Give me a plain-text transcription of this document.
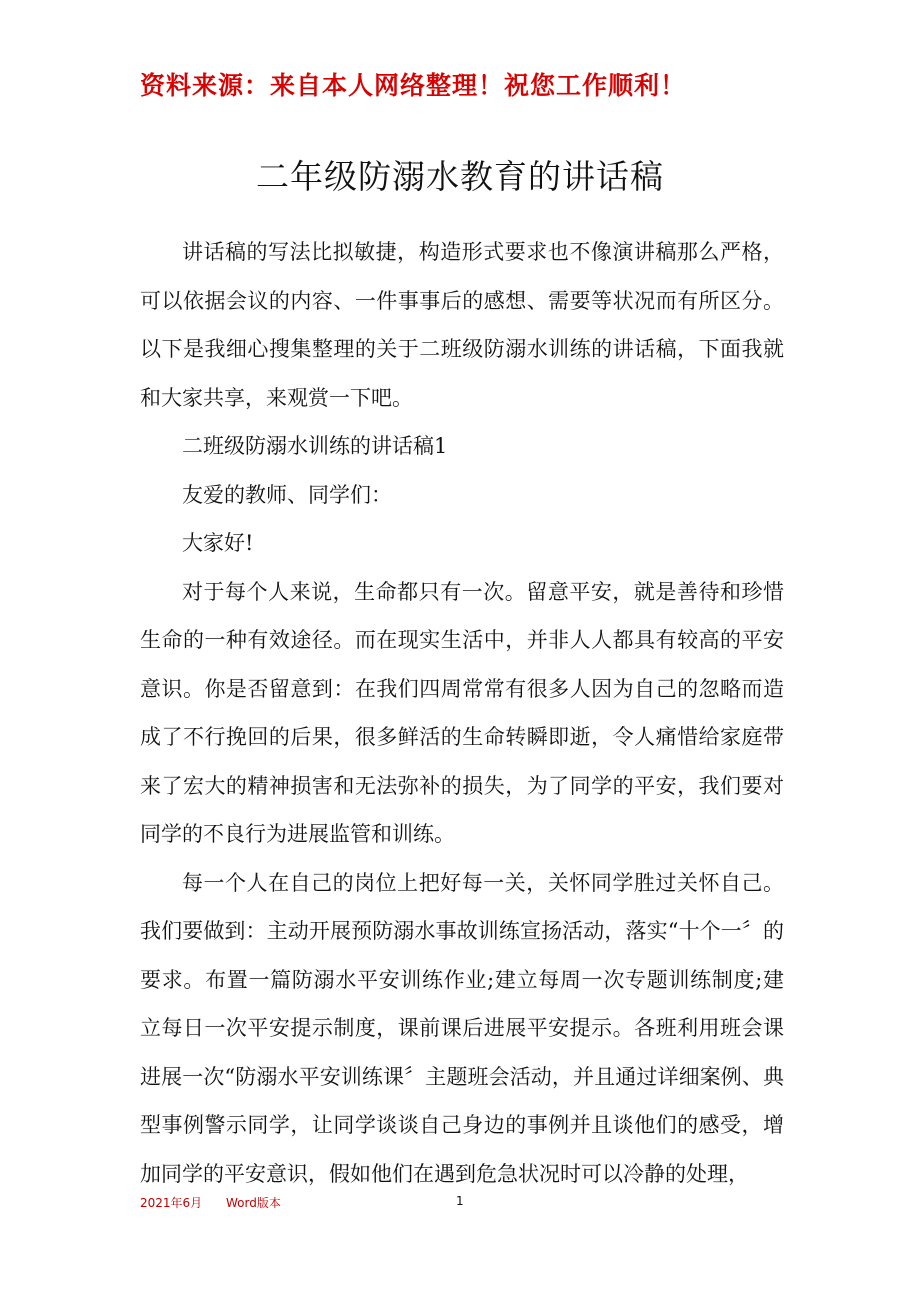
资料来源：来自本人网络整理！祝您工作顺利！
二年级防溺水教育的讲话稿

讲话稿的写法比拟敏捷，构造形式要求也不像演讲稿那么严格，可以依据会议的内容、一件事事后的感想、需要等状况而有所区分。以下是我细心搜集整理的关于二班级防溺水训练的讲话稿，下面我就和大家共享，来观赏一下吧。

二班级防溺水训练的讲话稿1

友爱的教师、同学们：

大家好!

对于每个人来说，生命都只有一次。留意平安，就是善待和珍惜生命的一种有效途径。而在现实生活中，并非人人都具有较高的平安意识。你是否留意到：在我们四周常常有很多人因为自己的忽略而造成了不行挽回的后果，很多鲜活的生命转瞬即逝，令人痛惜给家庭带来了宏大的精神损害和无法弥补的损失，为了同学的平安，我们要对同学的不良行为进展监管和训练。

每一个人在自己的岗位上把好每一关，关怀同学胜过关怀自己。我们要做到：主动开展预防溺水事故训练宣扬活动，落实“十个一〞的要求。布置一篇防溺水平安训练作业;建立每周一次专题训练制度;建立每日一次平安提示制度，课前课后进展平安提示。各班利用班会课进展一次“防溺水平安训练课〞主题班会活动，并且通过详细案例、典型事例警示同学，让同学谈谈自己身边的事例并且谈他们的感受，增加同学的平安意识，假如他们在遇到危急状况时可以冷静的处理，

2021年6月 Word版本	1
